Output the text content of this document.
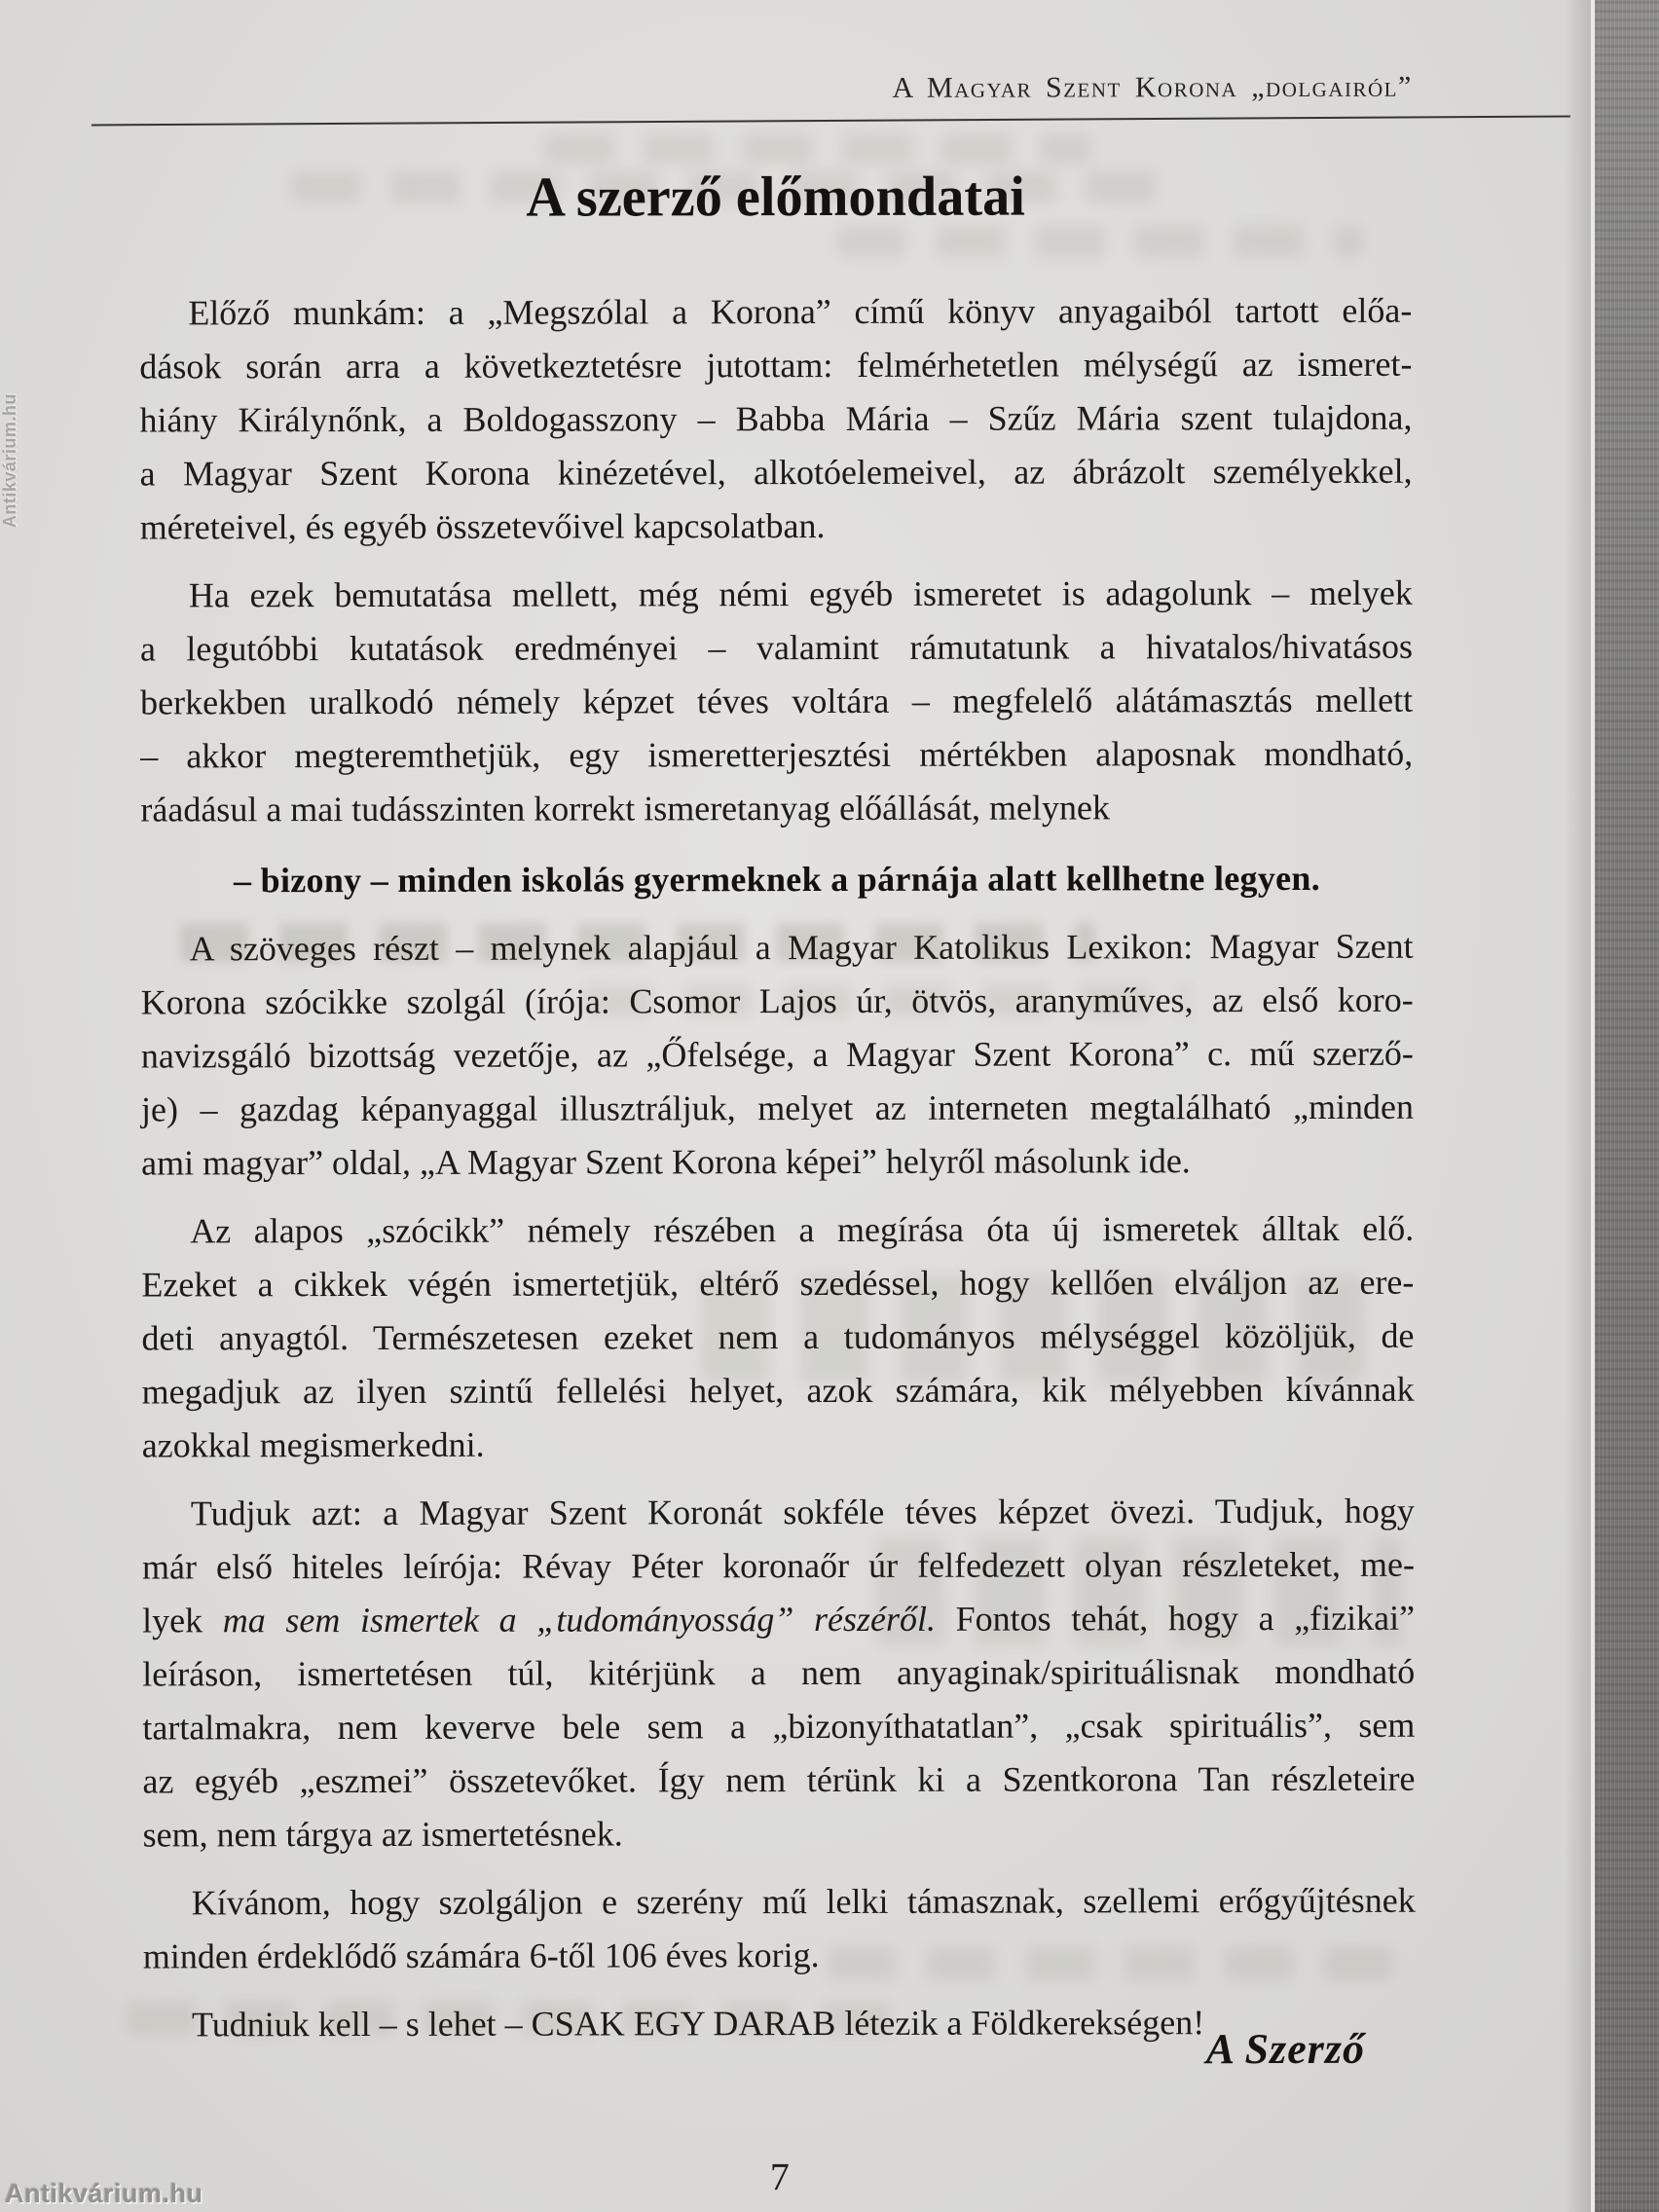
A Magyar Szent Korona „dolgairól”
A szerző előmondatai
Előző munkám: a „Megszólal a Korona” című könyv anyagaiból tartott előa-
dások során arra a következtetésre jutottam: felmérhetetlen mélységű az ismeret-
hiány Királynőnk, a Boldogasszony – Babba Mária – Szűz Mária szent tulajdona,
a Magyar Szent Korona kinézetével, alkotóelemeivel, az ábrázolt személyekkel,
méreteivel, és egyéb összetevőivel kapcsolatban.
Ha ezek bemutatása mellett, még némi egyéb ismeretet is adagolunk – melyek
a legutóbbi kutatások eredményei – valamint rámutatunk a hivatalos/hivatásos
berkekben uralkodó némely képzet téves voltára – megfelelő alátámasztás mellett
– akkor megteremthetjük, egy ismeretterjesztési mértékben alaposnak mondható,
ráadásul a mai tudásszinten korrekt ismeretanyag előállását, melynek
– bizony – minden iskolás gyermeknek a párnája alatt kellhetne legyen.
A szöveges részt – melynek alapjául a Magyar Katolikus Lexikon: Magyar Szent
Korona szócikke szolgál (írója: Csomor Lajos úr, ötvös, aranyműves, az első koro-
navizsgáló bizottság vezetője, az „Őfelsége, a Magyar Szent Korona” c. mű szerző-
je) – gazdag képanyaggal illusztráljuk, melyet az interneten megtalálható „minden
ami magyar” oldal, „A Magyar Szent Korona képei” helyről másolunk ide.
Az alapos „szócikk” némely részében a megírása óta új ismeretek álltak elő.
Ezeket a cikkek végén ismertetjük, eltérő szedéssel, hogy kellően elváljon az ere-
deti anyagtól. Természetesen ezeket nem a tudományos mélységgel közöljük, de
megadjuk az ilyen szintű fellelési helyet, azok számára, kik mélyebben kívánnak
azokkal megismerkedni.
Tudjuk azt: a Magyar Szent Koronát sokféle téves képzet övezi. Tudjuk, hogy
már első hiteles leírója: Révay Péter koronaőr úr felfedezett olyan részleteket, me-
lyek ma sem ismertek a „tudományosság” részéről. Fontos tehát, hogy a „fizikai”
leíráson, ismertetésen túl, kitérjünk a nem anyaginak/spirituálisnak mondható
tartalmakra, nem keverve bele sem a „bizonyíthatatlan”, „csak spirituális”, sem
az egyéb „eszmei” összetevőket. Így nem térünk ki a Szentkorona Tan részleteire
sem, nem tárgya az ismertetésnek.
Kívánom, hogy szolgáljon e szerény mű lelki támasznak, szellemi erőgyűjtésnek
minden érdeklődő számára 6-től 106 éves korig.
Tudniuk kell – s lehet – CSAK EGY DARAB létezik a Földkerekségen!
A Szerző
7
Antikvárium.hu
Antikvárium.hu
